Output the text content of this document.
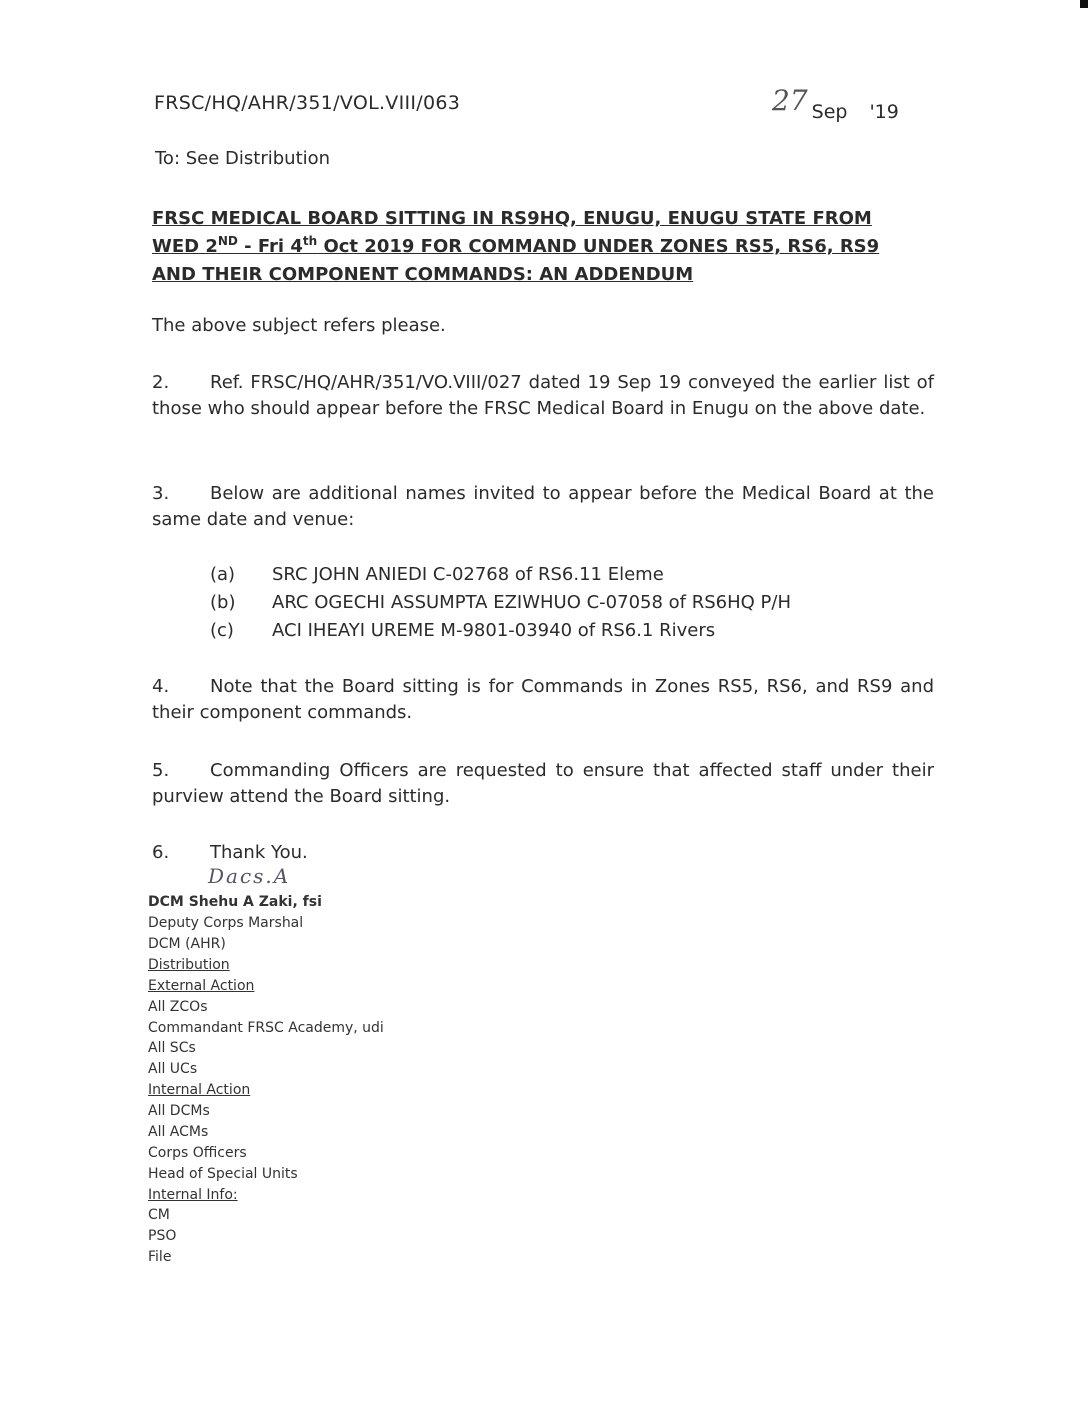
FRSC/HQ/AHR/351/VOL.VIII/063	27 Sep '19
To: See Distribution
FRSC MEDICAL BOARD SITTING IN RS9HQ, ENUGU, ENUGU STATE FROM
WED 2ND - Fri 4th Oct 2019 FOR COMMAND UNDER ZONES RS5, RS6, RS9
AND THEIR COMPONENT COMMANDS: AN ADDENDUM
The above subject refers please.
2. Ref. FRSC/HQ/AHR/351/VO.VIII/027 dated 19 Sep 19 conveyed the earlier list of those who should appear before the FRSC Medical Board in Enugu on the above date.
3. Below are additional names invited to appear before the Medical Board at the same date and venue:
(a) SRC JOHN ANIEDI C-02768 of RS6.11 Eleme
(b) ARC OGECHI ASSUMPTA EZIWHUO C-07058 of RS6HQ P/H
(c) ACI IHEAYI UREME M-9801-03940 of RS6.1 Rivers
4. Note that the Board sitting is for Commands in Zones RS5, RS6, and RS9 and their component commands.
5. Commanding Officers are requested to ensure that affected staff under their purview attend the Board sitting.
6. Thank You.
Dacs.A
DCM Shehu A Zaki, fsi
Deputy Corps Marshal
DCM (AHR)
Distribution
External Action
All ZCOs
Commandant FRSC Academy, udi
All SCs
All UCs
Internal Action
All DCMs
All ACMs
Corps Officers
Head of Special Units
Internal Info:
CM
PSO
File
